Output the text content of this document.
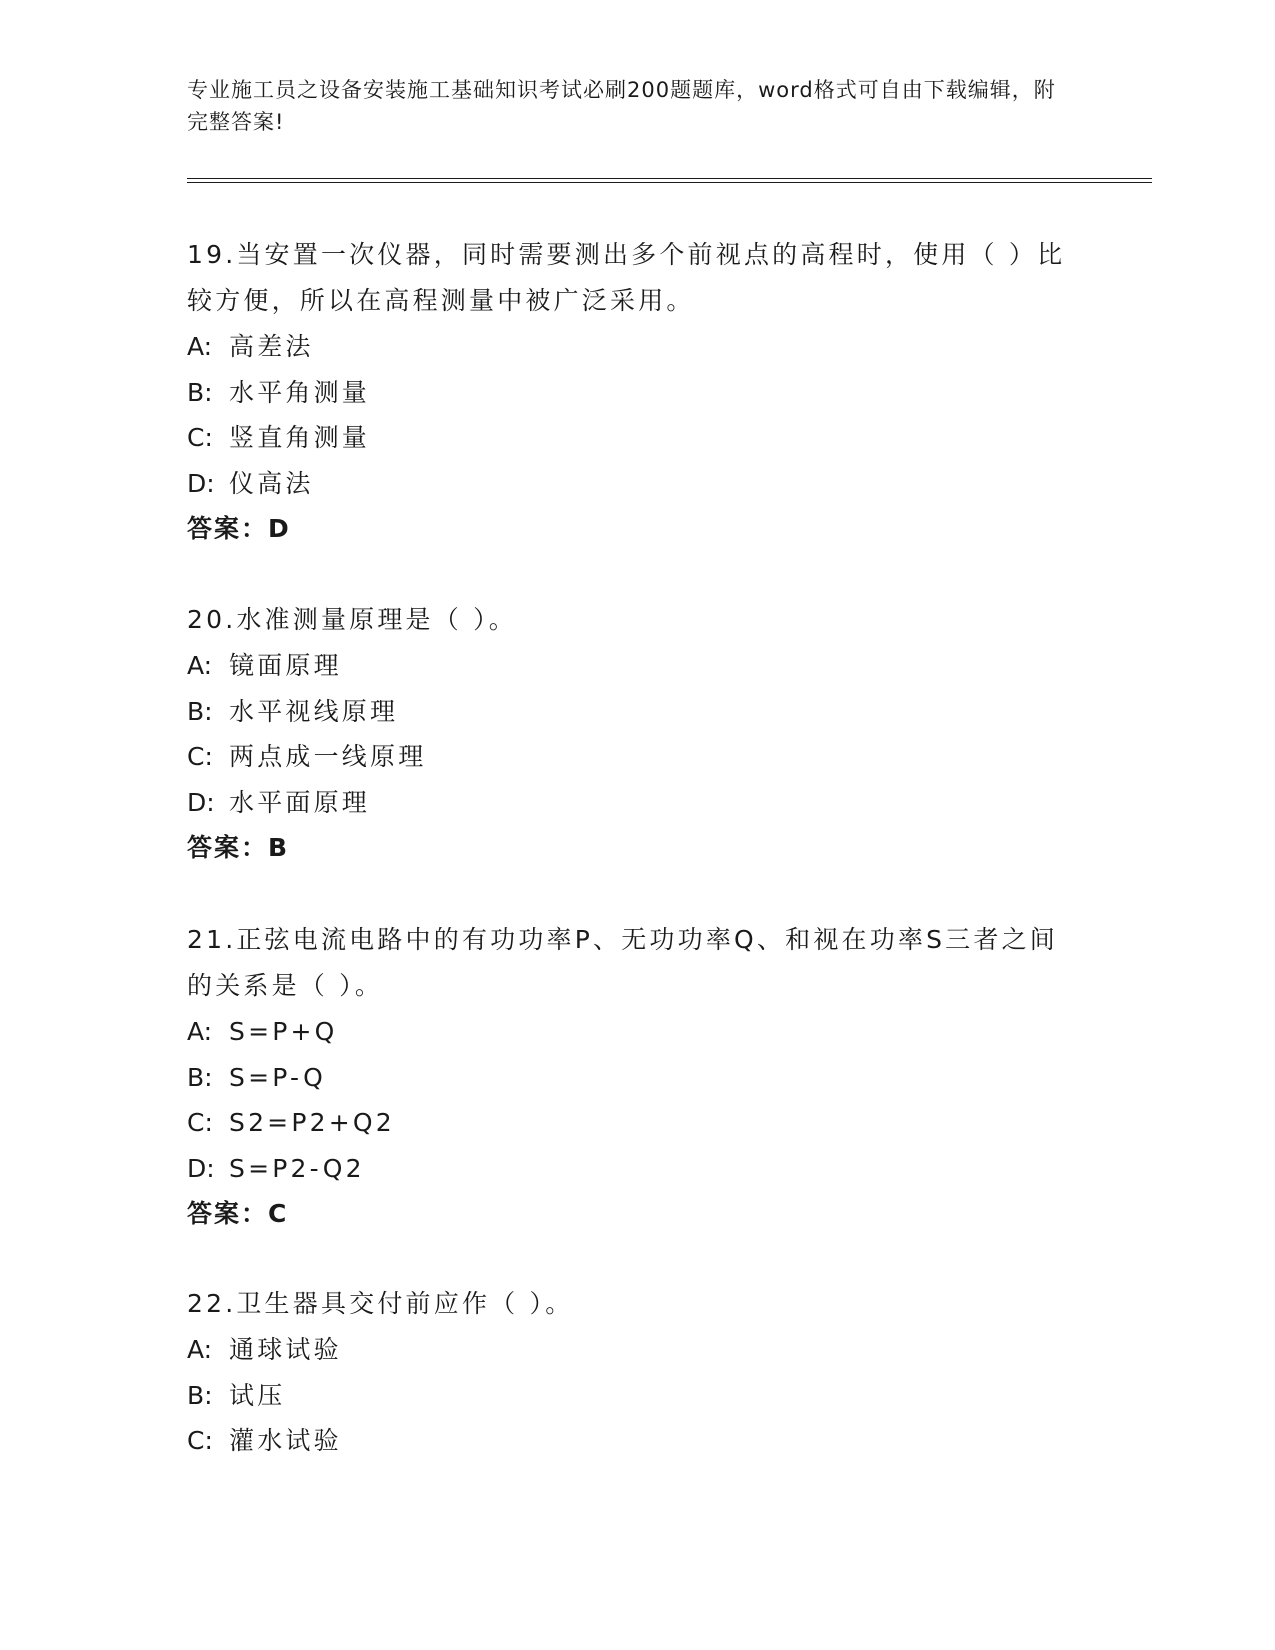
专业施工员之设备安装施工基础知识考试必刷200题题库，word格式可自由下载编辑，附完整答案!

19.当安置一次仪器，同时需要测出多个前视点的高程时，使用（ ）比较方便，所以在高程测量中被广泛采用。

A: 高差法
B: 水平角测量
C: 竖直角测量
D: 仪高法
答案：D

20.水准测量原理是（ ）。

A: 镜面原理
B: 水平视线原理
C: 两点成一线原理
D: 水平面原理
答案：B

21.正弦电流电路中的有功功率P、无功功率Q、和视在功率S三者之间的关系是（ ）。

A: S=P+Q
B: S=P-Q
C: S2=P2+Q2
D: S=P2-Q2
答案：C

22.卫生器具交付前应作（ ）。

A: 通球试验
B: 试压
C: 灌水试验
